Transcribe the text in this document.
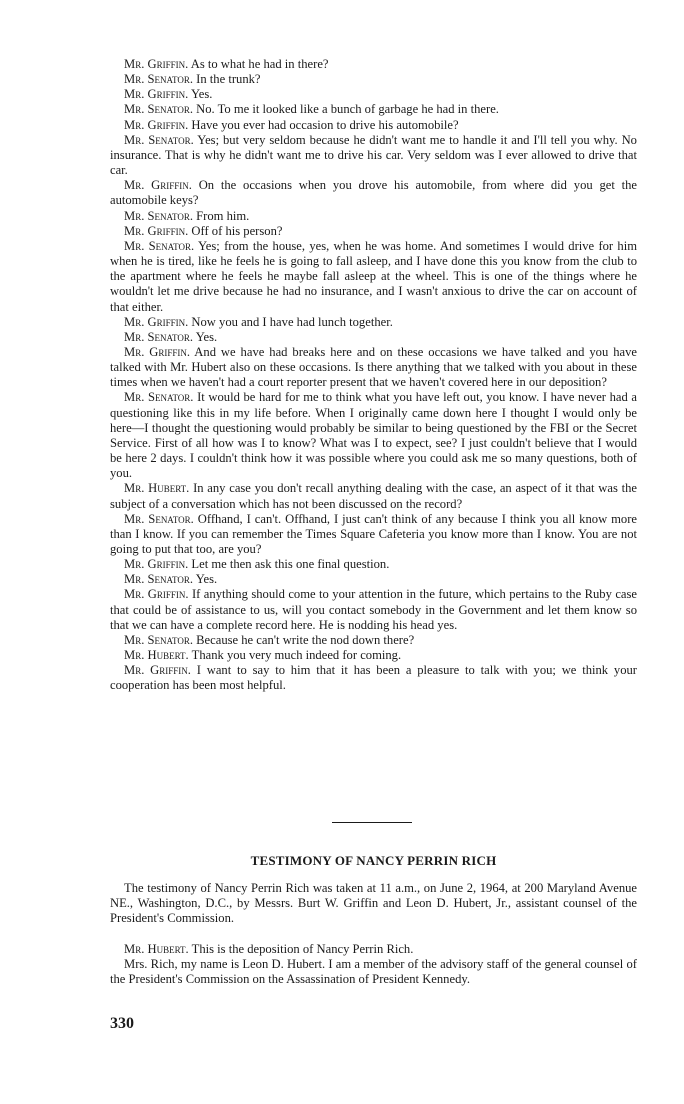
Mr. Griffin. As to what he had in there?

Mr. Senator. In the trunk?

Mr. Griffin. Yes.

Mr. Senator. No. To me it looked like a bunch of garbage he had in there.

Mr. Griffin. Have you ever had occasion to drive his automobile?

Mr. Senator. Yes; but very seldom because he didn't want me to handle it and I'll tell you why. No insurance. That is why he didn't want me to drive his car. Very seldom was I ever allowed to drive that car.

Mr. Griffin. On the occasions when you drove his automobile, from where did you get the automobile keys?

Mr. Senator. From him.

Mr. Griffin. Off of his person?

Mr. Senator. Yes; from the house, yes, when he was home. And sometimes I would drive for him when he is tired, like he feels he is going to fall asleep, and I have done this you know from the club to the apartment where he feels he maybe fall asleep at the wheel. This is one of the things where he wouldn't let me drive because he had no insurance, and I wasn't anxious to drive the car on account of that either.

Mr. Griffin. Now you and I have had lunch together.

Mr. Senator. Yes.

Mr. Griffin. And we have had breaks here and on these occasions we have talked and you have talked with Mr. Hubert also on these occasions. Is there anything that we talked with you about in these times when we haven't had a court reporter present that we haven't covered here in our deposition?

Mr. Senator. It would be hard for me to think what you have left out, you know. I have never had a questioning like this in my life before. When I originally came down here I thought I would only be here—I thought the questioning would probably be similar to being questioned by the FBI or the Secret Service. First of all how was I to know? What was I to expect, see? I just couldn't believe that I would be here 2 days. I couldn't think how it was possible where you could ask me so many questions, both of you.

Mr. Hubert. In any case you don't recall anything dealing with the case, an aspect of it that was the subject of a conversation which has not been discussed on the record?

Mr. Senator. Offhand, I can't. Offhand, I just can't think of any because I think you all know more than I know. If you can remember the Times Square Cafeteria you know more than I know. You are not going to put that too, are you?

Mr. Griffin. Let me then ask this one final question.

Mr. Senator. Yes.

Mr. Griffin. If anything should come to your attention in the future, which pertains to the Ruby case that could be of assistance to us, will you contact somebody in the Government and let them know so that we can have a complete record here. He is nodding his head yes.

Mr. Senator. Because he can't write the nod down there?

Mr. Hubert. Thank you very much indeed for coming.

Mr. Griffin. I want to say to him that it has been a pleasure to talk with you; we think your cooperation has been most helpful.

TESTIMONY OF NANCY PERRIN RICH

The testimony of Nancy Perrin Rich was taken at 11 a.m., on June 2, 1964, at 200 Maryland Avenue NE., Washington, D.C., by Messrs. Burt W. Griffin and Leon D. Hubert, Jr., assistant counsel of the President's Commission.

Mr. Hubert. This is the deposition of Nancy Perrin Rich.

Mrs. Rich, my name is Leon D. Hubert. I am a member of the advisory staff of the general counsel of the President's Commission on the Assassination of President Kennedy.

330
